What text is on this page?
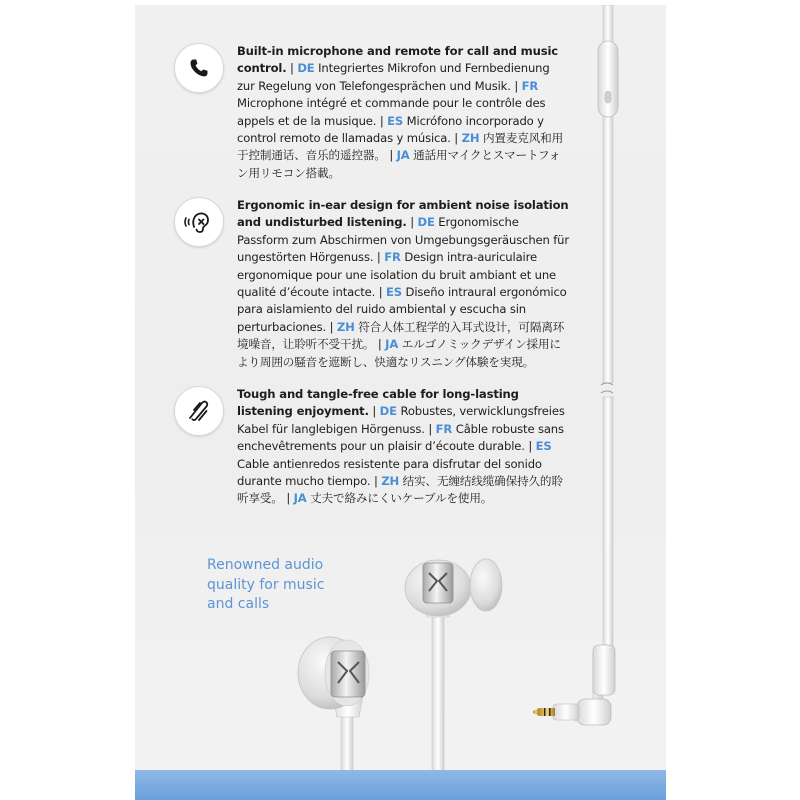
Built-in microphone and remote for call and music control. | DE Integriertes Mikrofon und Fernbedienung zur Regelung von Telefongesprächen und Musik. | FR Microphone intégré et commande pour le contrôle des appels et de la musique. | ES Micrófono incorporado y control remoto de llamadas y música. | ZH 内置麦克风和用于控制通话、音乐的遥控器。 | JA 通話用マイクとスマートフォン用リモコン搭載。
Ergonomic in-ear design for ambient noise isolation and undisturbed listening. | DE Ergonomische Passform zum Abschirmen von Umgebungsgeräuschen für ungestörten Hörgenuss. | FR Design intra-auriculaire ergonomique pour une isolation du bruit ambiant et une qualité d’écoute intacte. | ES Diseño intraural ergonómico para aislamiento del ruido ambiental y escucha sin perturbaciones. | ZH 符合人体工程学的入耳式设计，可隔离环境噪音，让聆听不受干扰。 | JA エルゴノミックデザイン採用により周囲の騒音を遮断し、快適なリスニング体験を実現。
Tough and tangle-free cable for long-lasting listening enjoyment. | DE Robustes, verwicklungsfreies Kabel für langlebigen Hörgenuss. | FR Câble robuste sans enchevêtrements pour un plaisir d’écoute durable. | ES Cable antienredos resistente para disfrutar del sonido durante mucho tiempo. | ZH 结实、无缠结线缆确保持久的聆听享受。 | JA 丈夫で絡みにくいケーブルを使用。
Renowned audio quality for music and calls
